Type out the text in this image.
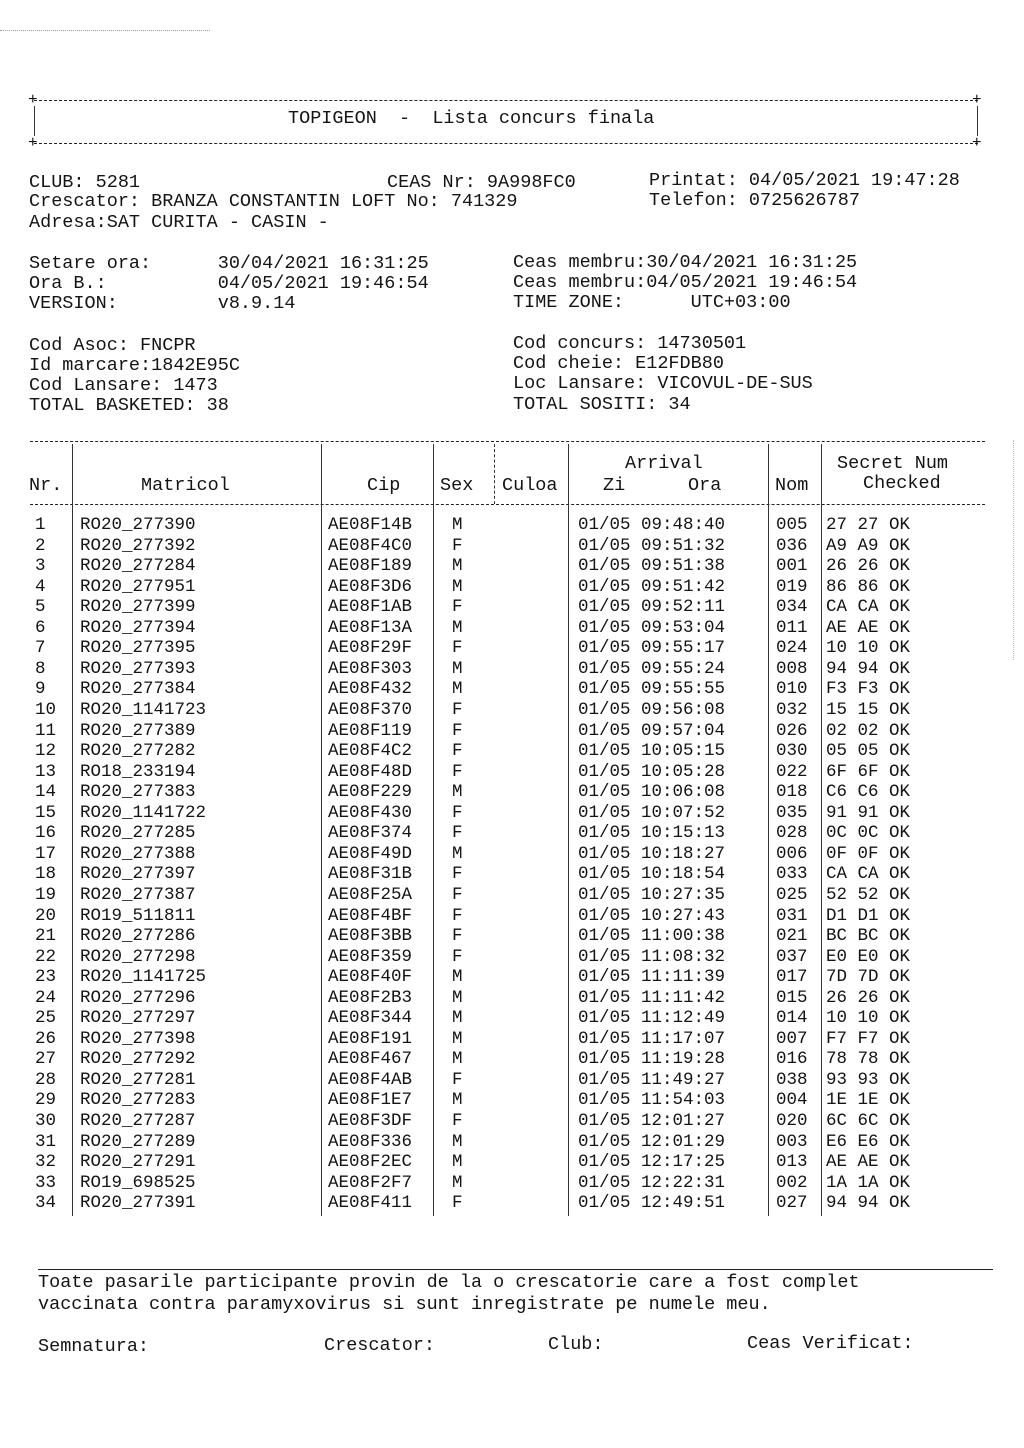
+	+
+	+
TOPIGEON  -  Lista concurs finala
CLUB: 5281	CEAS Nr: 9A998FC0	Printat: 04/05/2021 19:47:28
Crescator: BRANZA CONSTANTIN LOFT No: 741329	Telefon: 0725626787
Adresa:SAT CURITA - CASIN -
Setare ora:      30/04/2021 16:31:25
Ora B.:          04/05/2021 19:46:54
VERSION:         v8.9.14
Ceas membru:30/04/2021 16:31:25
Ceas membru:04/05/2021 19:46:54
TIME ZONE:      UTC+03:00
Cod Asoc: FNCPR
Id marcare:1842E95C
Cod Lansare: 1473
TOTAL BASKETED: 38
Cod concurs: 14730501
Cod cheie: E12FDB80
Loc Lansare: VICOVUL-DE-SUS
TOTAL SOSITI: 34
Nr.	Matricol	Cip Sex Culoa
Arrival
Zi	Ora	Nom
Secret Num
Checked
1 RO20_277390	AE08F14B M	01/05 09:48:40	005 27 27 OK
2 RO20_277392	AE08F4C0 F	01/05 09:51:32	036 A9 A9 OK
3 RO20_277284	AE08F189 M	01/05 09:51:38	001 26 26 OK
4 RO20_277951	AE08F3D6 M	01/05 09:51:42	019 86 86 OK
5 RO20_277399	AE08F1AB F	01/05 09:52:11	034 CA CA OK
6 RO20_277394	AE08F13A M	01/05 09:53:04	011 AE AE OK
7 RO20_277395	AE08F29F F	01/05 09:55:17	024 10 10 OK
8 RO20_277393	AE08F303 M	01/05 09:55:24	008 94 94 OK
9 RO20_277384	AE08F432 M	01/05 09:55:55	010 F3 F3 OK
10 RO20_1141723	AE08F370 F	01/05 09:56:08	032 15 15 OK
11 RO20_277389	AE08F119 F	01/05 09:57:04	026 02 02 OK
12 RO20_277282	AE08F4C2 F	01/05 10:05:15	030 05 05 OK
13 RO18_233194	AE08F48D F	01/05 10:05:28	022 6F 6F OK
14 RO20_277383	AE08F229 M	01/05 10:06:08	018 C6 C6 OK
15 RO20_1141722	AE08F430 F	01/05 10:07:52	035 91 91 OK
16 RO20_277285	AE08F374 F	01/05 10:15:13	028 0C 0C OK
17 RO20_277388	AE08F49D M	01/05 10:18:27	006 0F 0F OK
18 RO20_277397	AE08F31B F	01/05 10:18:54	033 CA CA OK
19 RO20_277387	AE08F25A F	01/05 10:27:35	025 52 52 OK
20 RO19_511811	AE08F4BF F	01/05 10:27:43	031 D1 D1 OK
21 RO20_277286	AE08F3BB F	01/05 11:00:38	021 BC BC OK
22 RO20_277298	AE08F359 F	01/05 11:08:32	037 E0 E0 OK
23 RO20_1141725	AE08F40F M	01/05 11:11:39	017 7D 7D OK
24 RO20_277296	AE08F2B3 M	01/05 11:11:42	015 26 26 OK
25 RO20_277297	AE08F344 M	01/05 11:12:49	014 10 10 OK
26 RO20_277398	AE08F191 M	01/05 11:17:07	007 F7 F7 OK
27 RO20_277292	AE08F467 M	01/05 11:19:28	016 78 78 OK
28 RO20_277281	AE08F4AB F	01/05 11:49:27	038 93 93 OK
29 RO20_277283	AE08F1E7 M	01/05 11:54:03	004 1E 1E OK
30 RO20_277287	AE08F3DF F	01/05 12:01:27	020 6C 6C OK
31 RO20_277289	AE08F336 M	01/05 12:01:29	003 E6 E6 OK
32 RO20_277291	AE08F2EC M	01/05 12:17:25	013 AE AE OK
33 RO19_698525	AE08F2F7 M	01/05 12:22:31	002 1A 1A OK
34 RO20_277391	AE08F411 F	01/05 12:49:51	027 94 94 OK
Toate pasarile participante provin de la o crescatorie care a fost complet
vaccinata contra paramyxovirus si sunt inregistrate pe numele meu.
Semnatura:	Crescator:	Club:	Ceas Verificat:
